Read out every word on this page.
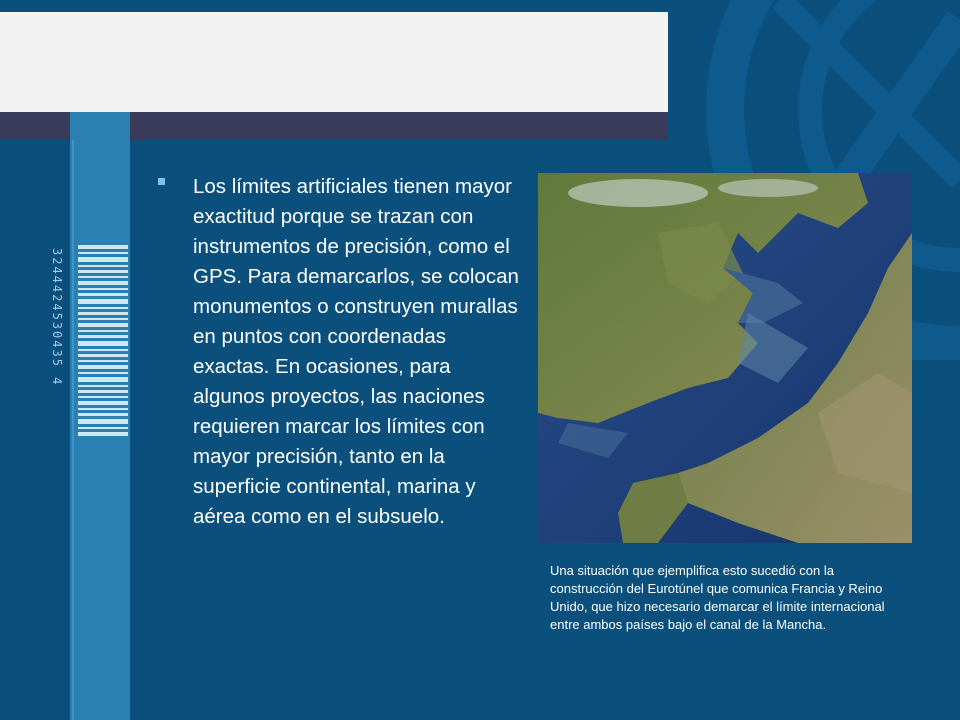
3244424530435 4
Los límites artificiales tienen mayor exactitud porque se trazan con instrumentos de precisión, como el GPS. Para demarcarlos, se colocan monumentos o construyen murallas en puntos con coordenadas exactas. En ocasiones, para algunos proyectos, las naciones requieren marcar los límites con mayor precisión, tanto en la superficie continental, marina y aérea como en el subsuelo.
Una situación que ejemplifica esto sucedió con la construcción del Eurotúnel que comunica Francia y Reino Unido, que hizo necesario demarcar el límite internacional entre ambos países bajo el canal de la Mancha.
